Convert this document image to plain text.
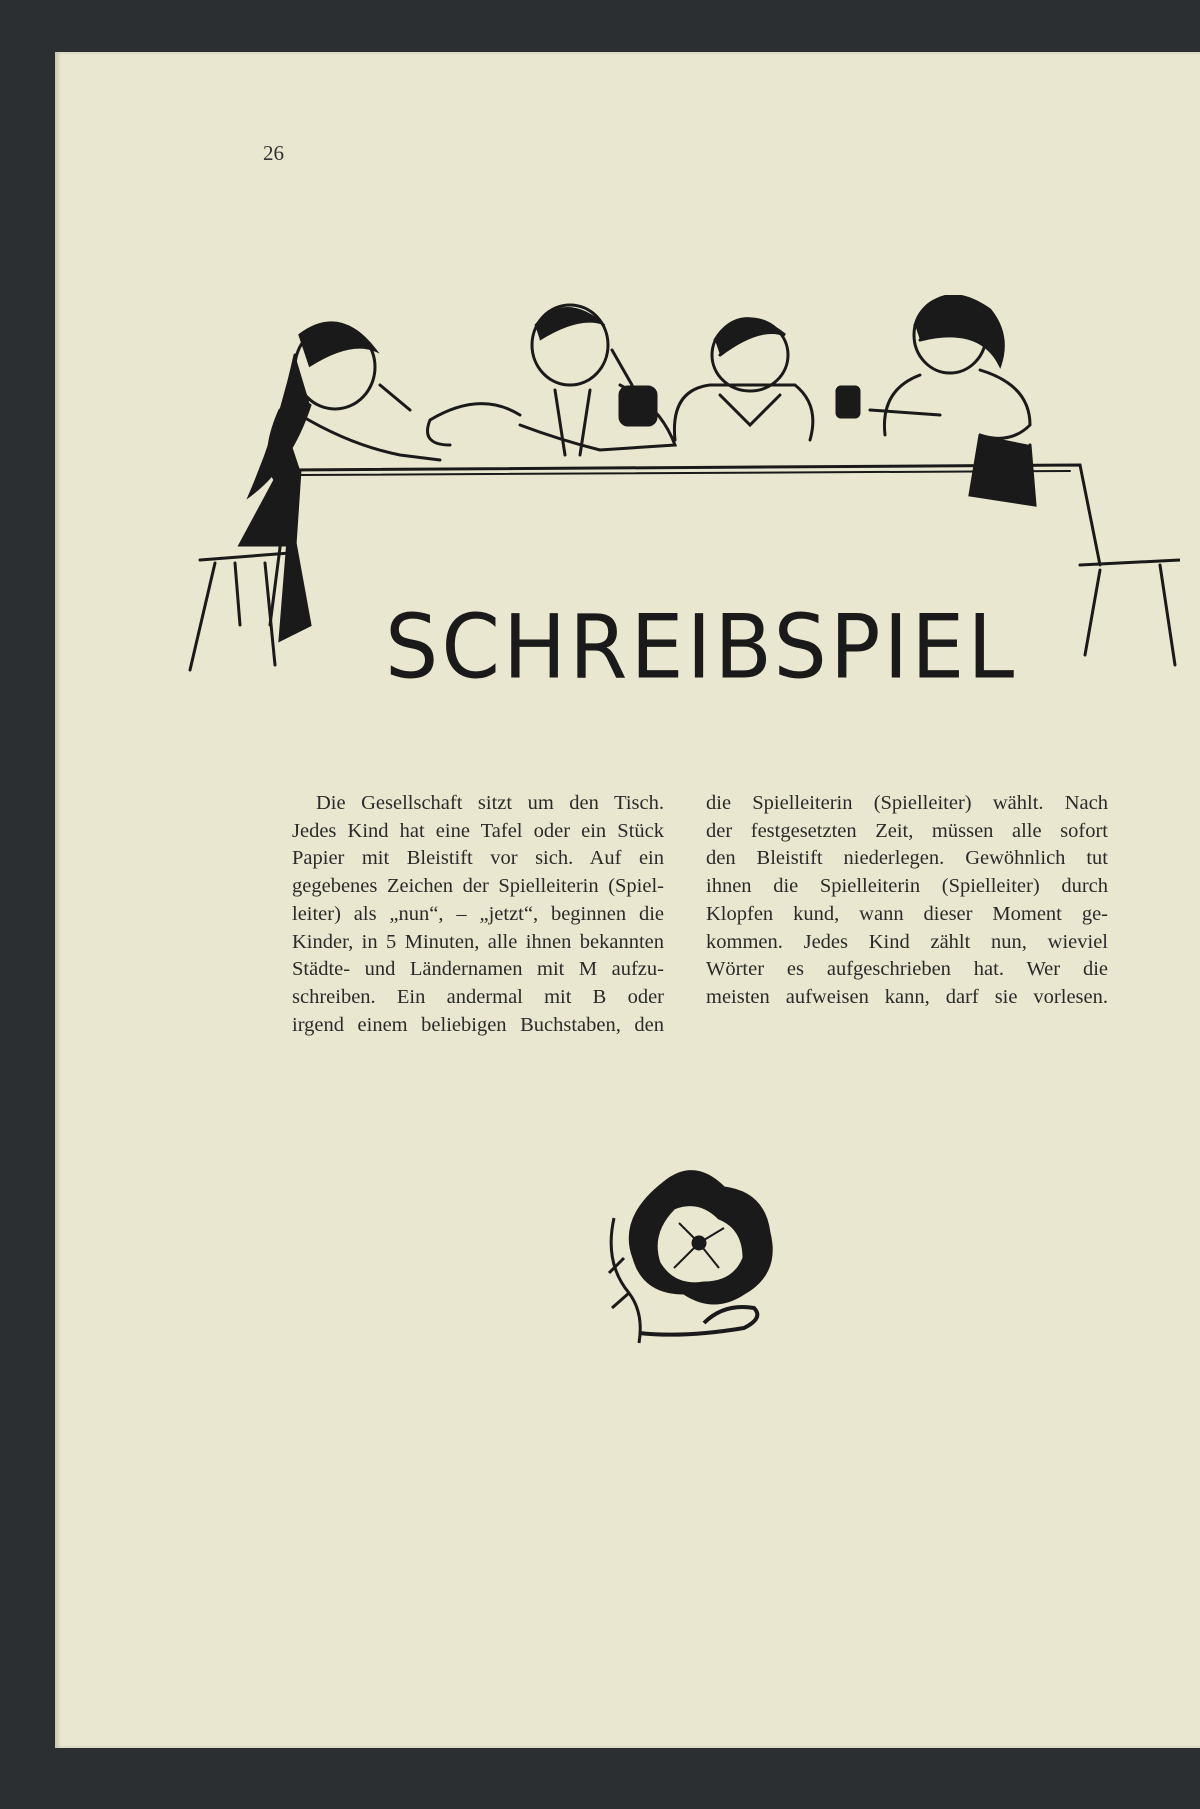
26
SCHREIBSPIEL
Die Gesellschaft sitzt um den Tisch.
Jedes Kind hat eine Tafel oder ein Stück
Papier mit Bleistift vor sich. Auf ein
gegebenes Zeichen der Spielleiterin (Spiel-
leiter) als „nun“, – „jetzt“, beginnen die
Kinder, in 5 Minuten, alle ihnen bekannten
Städte- und Ländernamen mit M aufzu-
schreiben. Ein andermal mit B oder
irgend einem beliebigen Buchstaben, den
die Spielleiterin (Spielleiter) wählt. Nach
der festgesetzten Zeit, müssen alle sofort
den Bleistift niederlegen. Gewöhnlich tut
ihnen die Spielleiterin (Spielleiter) durch
Klopfen kund, wann dieser Moment ge-
kommen. Jedes Kind zählt nun, wieviel
Wörter es aufgeschrieben hat. Wer die
meisten aufweisen kann, darf sie vorlesen.
